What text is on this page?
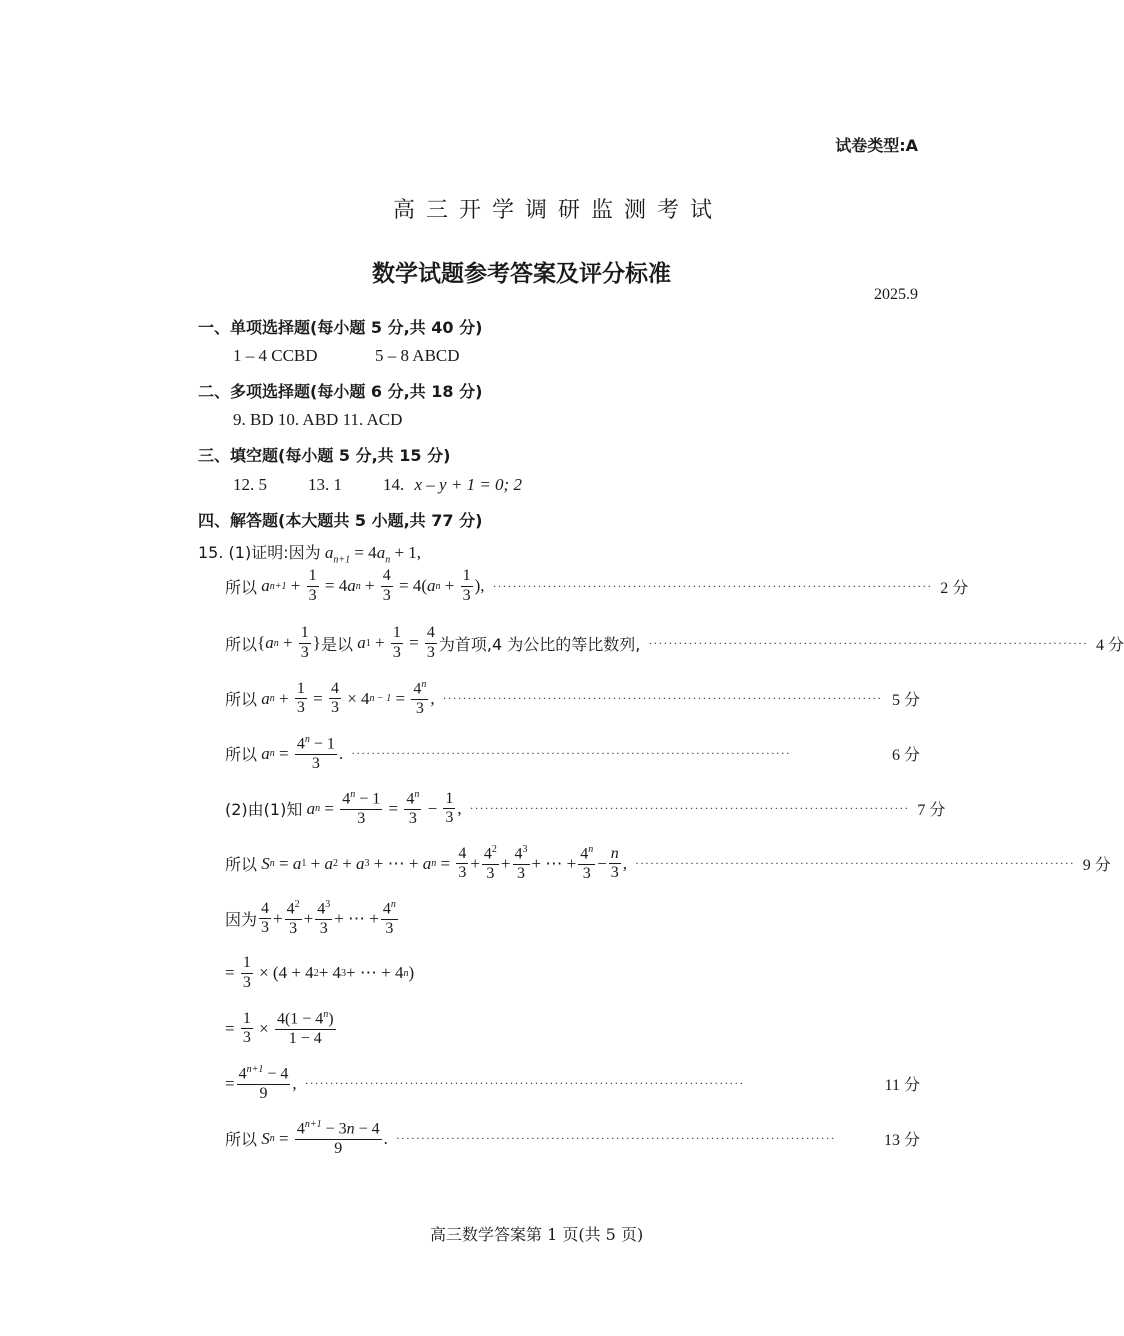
试卷类型:A
高 三 开 学 调 研 监 测 考 试
数学试题参考答案及评分标准
2025.9
一、单项选择题(每小题 5 分,共 40 分)
1 – 4 CCBD	5 – 8 ABCD
二、多项选择题(每小题 6 分,共 18 分)
9. BD 10. ABD 11. ACD
三、填空题(每小题 5 分,共 15 分)
12. 5 13. 1 14. x – y + 1 = 0; 2
四、解答题(本大题共 5 小题,共 77 分)
15. (1)证明:因为 $a_{n+1} = 4a_n + 1$,
所以
a $n+1 + \frac{1}{3} = 4$ a $n + \frac{4}{3} = 4$( a $n + \frac{1}{3}$ ), ························································································ 2 分
所以 { a $n + \frac{1}{3}$ } 是以
a $1 + \frac{1}{3} = \frac{4}{3}$ 为首项,4 为公比的等比数列, ························································································ 4 分
所以
a $n + \frac{1}{3} = \frac{4}{3} \times 4$ $n - 1 = \frac{4^n}{3}$ , ························································································ 5 分
所以
a $n = \frac{4^n - 1}{3}$ . ························································································	6 分
(2)由(1)知
a $n = \frac{4^n - 1}{3} = \frac{4^n}{3} - \frac{1}{3}$ , ························································································ 7 分
所以
S n = a 1 + a 2 + a 3 + ⋯ + a $n = \frac{4}{3} + \frac{4^2}{3} + \frac{4^3}{3}$ + ⋯ + $\frac{4^n}{3} - \frac{n}{3}$ , ························································································ 9 分
因为 $\frac{4}{3} + \frac{4^2}{3} + \frac{4^3}{3}$ + ⋯ + $\frac{4^n}{3}$
= $\frac{1}{3} \times (4 + 4$ 2 + 4 3 + ⋯ + 4 n )
= $\frac{1}{3} \times \frac{4(1 - 4^n)}{1 - 4}$
= $\frac{4^{n+1} - 4}{9}$ , ························································································	11 分
所以
S $n = \frac{4^{n+1} - 3n - 4}{9}$ . ························································································	13 分
高三数学答案第 1 页(共 5 页)
